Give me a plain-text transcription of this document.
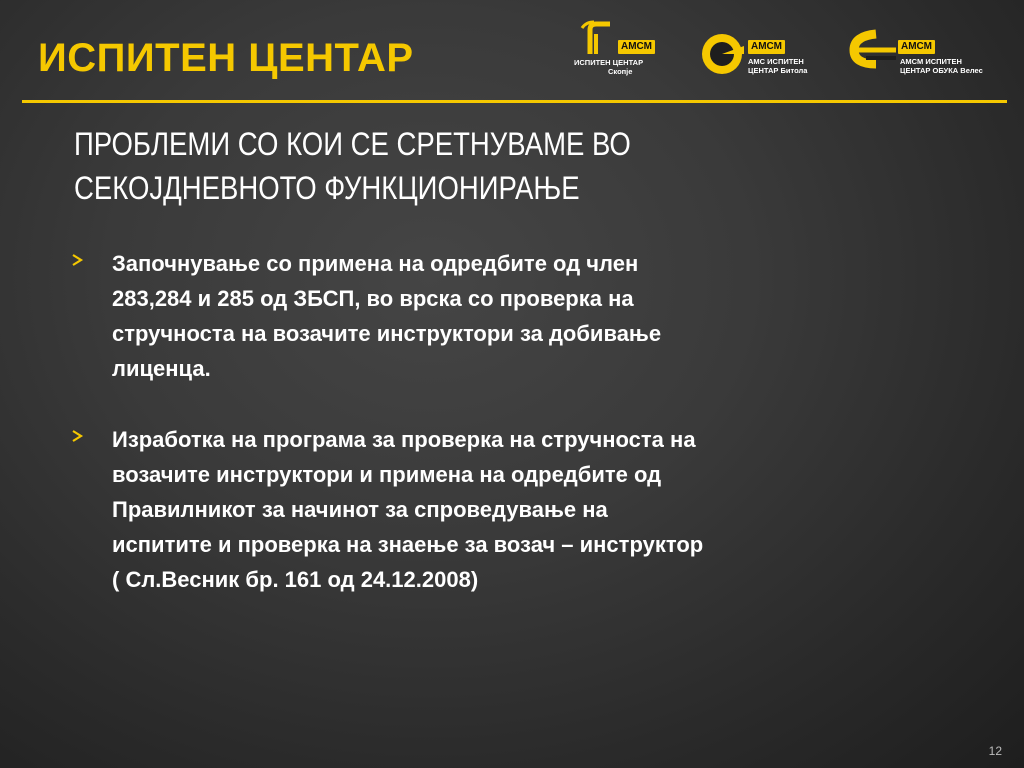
ИСПИТЕН ЦЕНТАР	АМСМ
ИСПИТЕН ЦЕНТАР
Скопје
АМСМ
АМС ИСПИТЕН
ЦЕНТАР Битола
АМСМ
АМСМ ИСПИТЕН
ЦЕНТАР ОБУКА Велес
ПРОБЛЕМИ СО КОИ СЕ СРЕТНУВАМЕ ВО
СЕКОЈДНЕВНОТО ФУНКЦИОНИРАЊЕ
Започнување со примена на одредбите од член
283,284 и 285 од ЗБСП, во врска со проверка на
стручноста на возачите инструктори за добивање
лиценца.
Изработка на програма за проверка на стручноста на
возачите инструктори и примена на одредбите од
Правилникот за начинот за спроведување на
испитите и проверка на знаење за возач – инструктор
( Сл.Весник бр. 161 од 24.12.2008)
12
